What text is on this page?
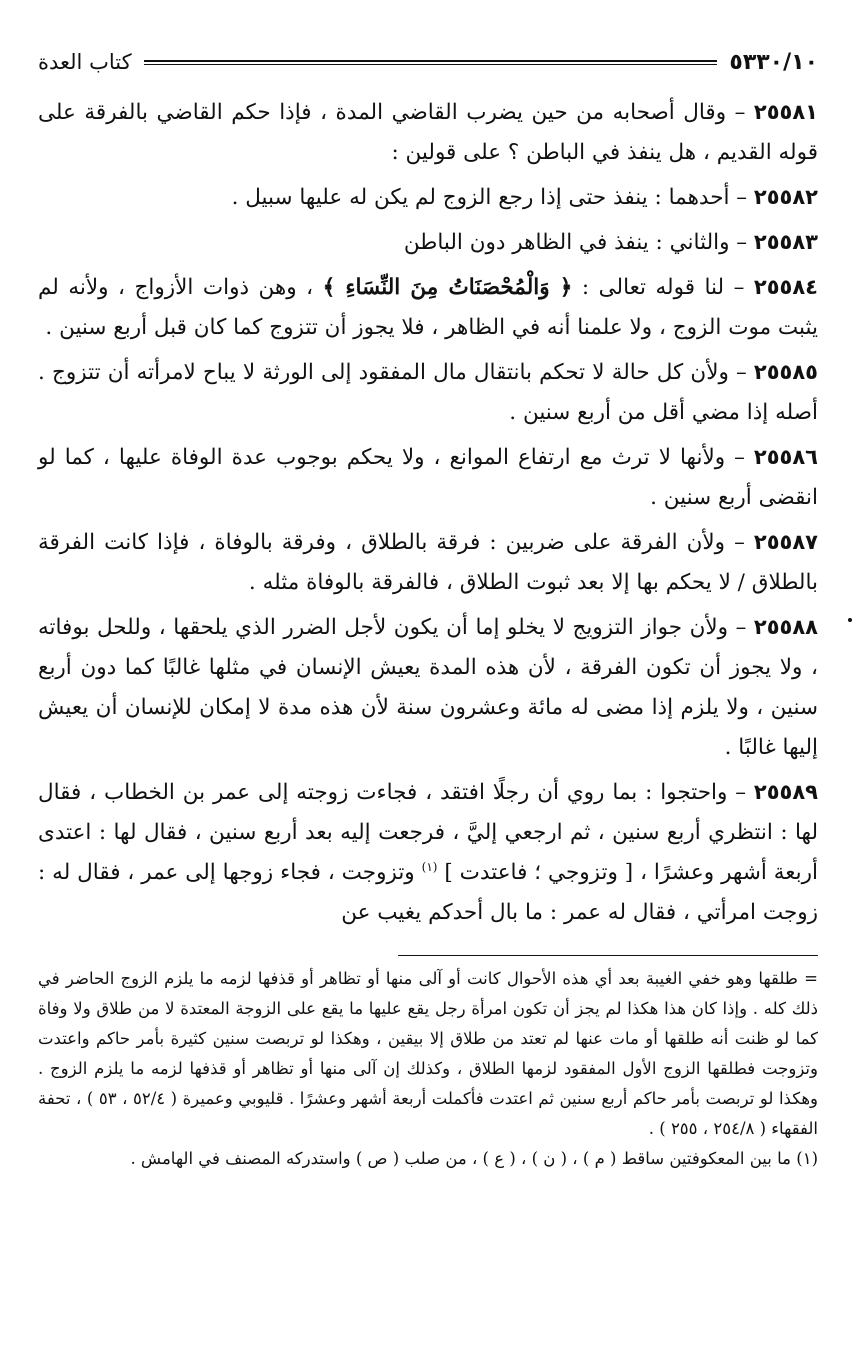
٥٣٣٠/١٠
كتاب العدة

٢٥٥٨١ – وقال أصحابه من حين يضرب القاضي المدة ، فإذا حكم القاضي بالفرقة على قوله القديم ، هل ينفذ في الباطن ؟ على قولين :

٢٥٥٨٢ – أحدهما : ينفذ حتى إذا رجع الزوج لم يكن له عليها سبيل .

٢٥٥٨٣ – والثاني : ينفذ في الظاهر دون الباطن

٢٥٥٨٤ – لنا قوله تعالى : ﴿ وَالْمُحْصَنَاتُ مِنَ النِّسَاءِ ﴾ ، وهن ذوات الأزواج ، ولأنه لم يثبت موت الزوج ، ولا علمنا أنه في الظاهر ، فلا يجوز أن تتزوج كما كان قبل أربع سنين .

٢٥٥٨٥ – ولأن كل حالة لا تحكم بانتقال مال المفقود إلى الورثة لا يباح لامرأته أن تتزوج . أصله إذا مضي أقل من أربع سنين .

٢٥٥٨٦ – ولأنها لا ترث مع ارتفاع الموانع ، ولا يحكم بوجوب عدة الوفاة عليها ، كما لو انقضى أربع سنين .

٢٥٥٨٧ – ولأن الفرقة على ضربين : فرقة بالطلاق ، وفرقة بالوفاة ، فإذا كانت الفرقة بالطلاق / لا يحكم بها إلا بعد ثبوت الطلاق ، فالفرقة بالوفاة مثله .

٢٥٥٨٨ – ولأن جواز التزويج لا يخلو إما أن يكون لأجل الضرر الذي يلحقها ، وللحل بوفاته ، ولا يجوز أن تكون الفرقة ، لأن هذه المدة يعيش الإنسان في مثلها غالبًا كما دون أربع سنين ، ولا يلزم إذا مضى له مائة وعشرون سنة لأن هذه مدة لا إمكان للإنسان أن يعيش إليها غالبًا .

٢٥٥٨٩ – واحتجوا : بما روي أن رجلًا افتقد ، فجاءت زوجته إلى عمر بن الخطاب ، فقال لها : انتظري أربع سنين ، ثم ارجعي إليَّ ، فرجعت إليه بعد أربع سنين ، فقال لها : اعتدى أربعة أشهر وعشرًا ، [ وتزوجي ؛ فاعتدت ] $^{(١)}$ وتزوجت ، فجاء زوجها إلى عمر ، فقال له : زوجت امرأتي ، فقال له عمر : ما بال أحدكم يغيب عن

= طلقها وهو خفي الغيبة بعد أي هذه الأحوال كانت أو آلى منها أو تظاهر أو قذفها لزمه ما يلزم الزوج الحاضر في ذلك كله . وإذا كان هذا هكذا لم يجز أن تكون امرأة رجل يقع عليها ما يقع على الزوجة المعتدة لا من طلاق ولا وفاة كما لو ظنت أنه طلقها أو مات عنها لم تعتد من طلاق إلا بيقين ، وهكذا لو تربصت سنين كثيرة بأمر حاكم واعتدت وتزوجت فطلقها الزوج الأول المفقود لزمها الطلاق ، وكذلك إن آلى منها أو تظاهر أو قذفها لزمه ما يلزم الزوج . وهكذا لو تربصت بأمر حاكم أربع سنين ثم اعتدت فأكملت أربعة أشهر وعشرًا . قليوبي وعميرة ( ٥٢/٤ ، ٥٣ ) ، تحفة الفقهاء ( ٢٥٤/٨ ، ٢٥٥ ) .

(١) ما بين المعكوفتين ساقط ( م ) ، ( ن ) ، ( ع ) ، من صلب ( ص ) واستدركه المصنف في الهامش .
